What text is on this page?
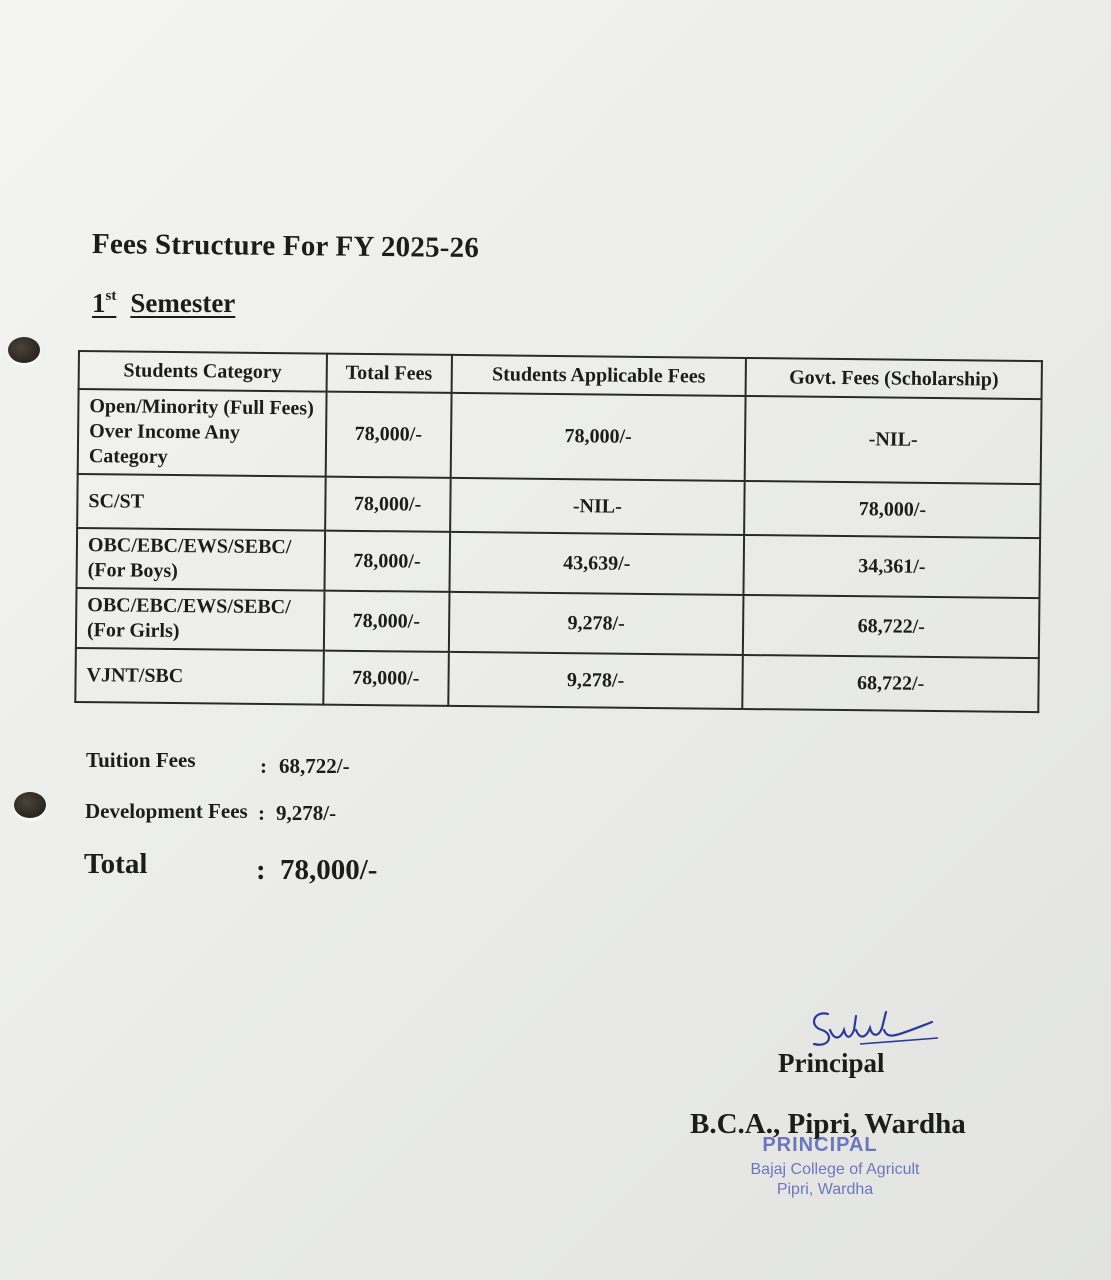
Fees Structure For FY 2025-26
1st Semester
Students Category	Total Fees	Students Applicable Fees	Govt. Fees (Scholarship)
Open/Minority (Full Fees) Over Income Any Category	78,000/-	78,000/-	-NIL-
SC/ST	78,000/-	-NIL-	78,000/-
OBC/EBC/EWS/SEBC/ (For Boys)	78,000/-	43,639/-	34,361/-
OBC/EBC/EWS/SEBC/ (For Girls)	78,000/-	9,278/-	68,722/-
VJNT/SBC	78,000/-	9,278/-	68,722/-
Tuition Fees	: 68,722/-
Development Fees : 9,278/-
Total	: 78,000/-
Principal
B.C.A., Pipri, Wardha
PRINCIPAL
Bajaj College of Agricult
Pipri, Wardha
